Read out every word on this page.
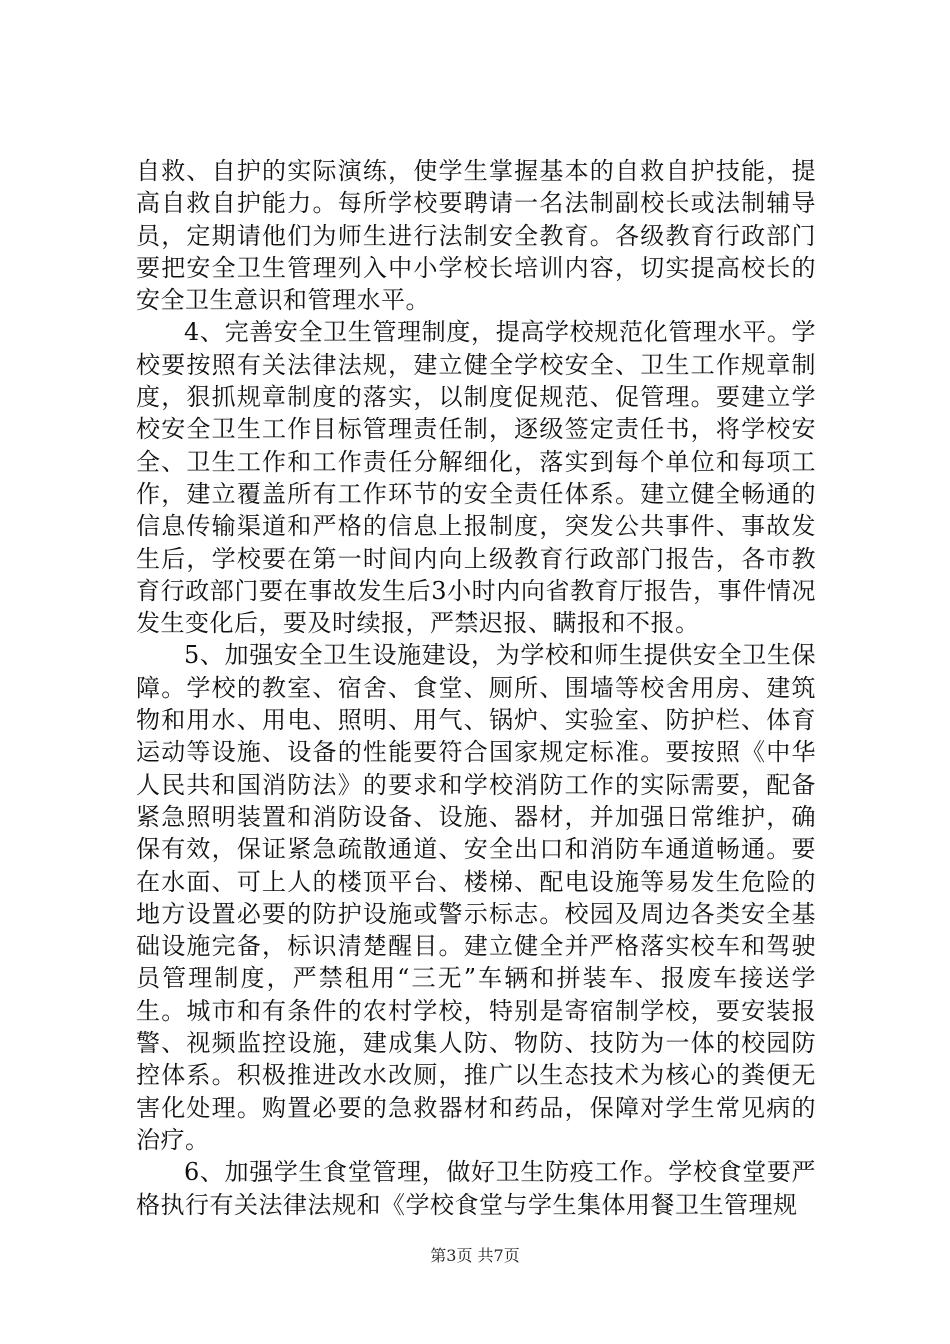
自救、自护的实际演练，使学生掌握基本的自救自护技能，提高自救自护能力。每所学校要聘请一名法制副校长或法制辅导员，定期请他们为师生进行法制安全教育。各级教育行政部门要把安全卫生管理列入中小学校长培训内容，切实提高校长的安全卫生意识和管理水平。

4、完善安全卫生管理制度，提高学校规范化管理水平。学校要按照有关法律法规，建立健全学校安全、卫生工作规章制度，狠抓规章制度的落实，以制度促规范、促管理。要建立学校安全卫生工作目标管理责任制，逐级签定责任书，将学校安全、卫生工作和工作责任分解细化，落实到每个单位和每项工作，建立覆盖所有工作环节的安全责任体系。建立健全畅通的信息传输渠道和严格的信息上报制度，突发公共事件、事故发生后，学校要在第一时间内向上级教育行政部门报告，各市教育行政部门要在事故发生后3小时内向省教育厅报告，事件情况发生变化后，要及时续报，严禁迟报、瞒报和不报。

5、加强安全卫生设施建设，为学校和师生提供安全卫生保障。学校的教室、宿舍、食堂、厕所、围墙等校舍用房、建筑物和用水、用电、照明、用气、锅炉、实验室、防护栏、体育运动等设施、设备的性能要符合国家规定标准。要按照《中华人民共和国消防法》的要求和学校消防工作的实际需要，配备紧急照明装置和消防设备、设施、器材，并加强日常维护，确保有效，保证紧急疏散通道、安全出口和消防车通道畅通。要在水面、可上人的楼顶平台、楼梯、配电设施等易发生危险的地方设置必要的防护设施或警示标志。校园及周边各类安全基础设施完备，标识清楚醒目。建立健全并严格落实校车和驾驶员管理制度，严禁租用“三无”车辆和拼装车、报废车接送学生。城市和有条件的农村学校，特别是寄宿制学校，要安装报警、视频监控设施，建成集人防、物防、技防为一体的校园防控体系。积极推进改水改厕，推广以生态技术为核心的粪便无害化处理。购置必要的急救器材和药品，保障对学生常见病的治疗。

6、加强学生食堂管理，做好卫生防疫工作。学校食堂要严格执行有关法律法规和《学校食堂与学生集体用餐卫生管理规

第3页 共7页
